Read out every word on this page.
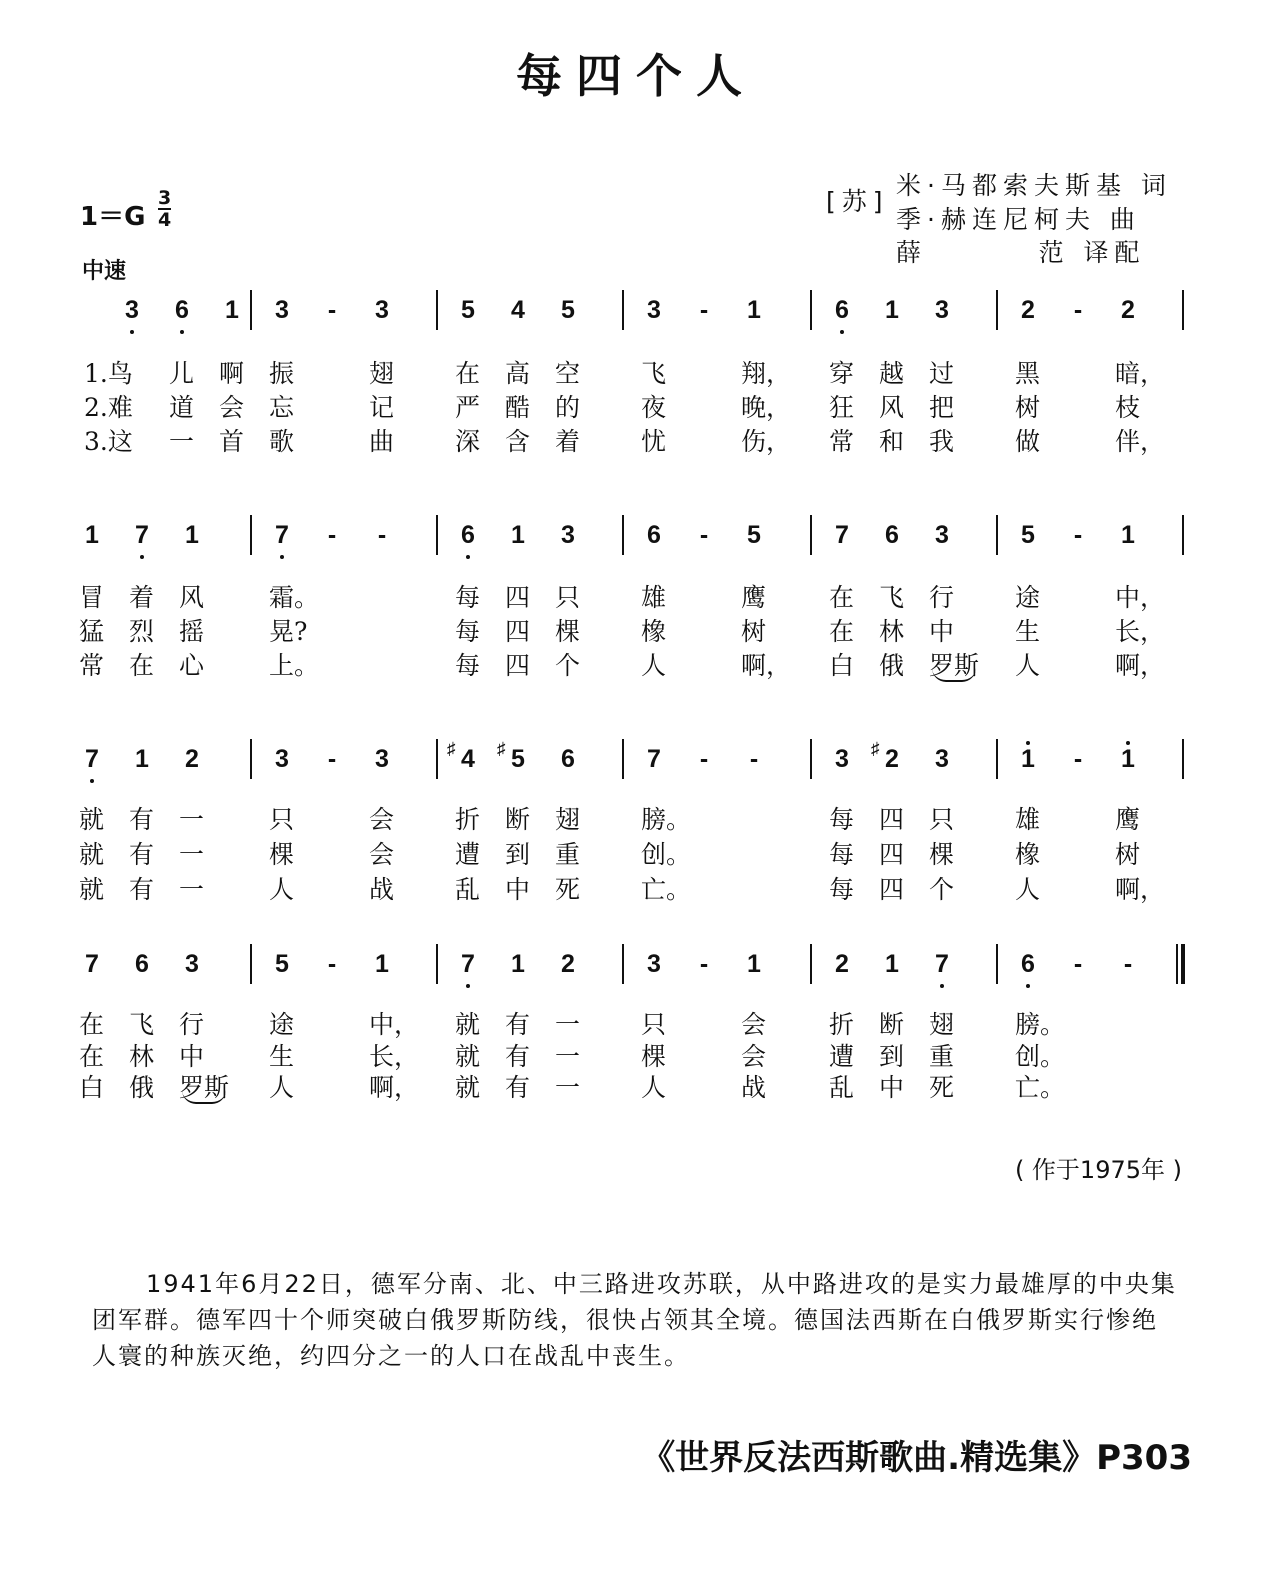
每四个人
[苏]
米·马都索夫斯基 词
季·赫连尼柯夫 曲
薛        范 译配
1＝G
3
4
中速
3	6	1	3	-	3	5	4	5	3	-	1	6	1	3	2	-	2
1.鸟 儿 啊 振	翅 在 高 空 飞	翔， 穿 越 过 黑	暗，
2.难 道 会 忘	记 严 酷 的 夜	晚， 狂 风 把 树	枝
3.这 一 首 歌	曲 深 含 着 忧	伤， 常 和 我 做	伴，
1	7	1	7	-	-	6	1	3	6	-	5	7	6	3	5	-	1
冒 着 风	霜。	每 四 只 雄	鹰	在 飞 行 途	中，
猛 烈 摇	晃?	每 四 棵 橡	树	在 林 中 生	长，
常 在 心	上。	每 四 个 人	啊， 白 俄 罗斯 人	啊，
7	1	2	3	-	3	♯ 4	♯ 5	6	7	-	-	3	♯ 2	3	1	-	1
就 有 一	只	会 折 断 翅 膀。	每 四 只 雄	鹰
就 有 一	棵	会 遭 到 重 创。	每 四 棵 橡	树
就 有 一	人	战 乱 中 死 亡。	每 四 个 人	啊，
7	6	3	5	-	1	7	1	2	3	-	1	2	1	7	6	-	-
在 飞 行	途	中， 就 有 一 只	会	折 断 翅 膀。
在 林 中	生	长， 就 有 一 棵	会	遭 到 重 创。
白 俄 罗斯 人	啊， 就 有 一 人	战	乱 中 死 亡。
( 作于1975年 )
1941年6月22日，德军分南、北、中三路进攻苏联，从中路进攻的是实力最雄厚的中央集团军群。德军四十个师突破白俄罗斯防线，很快占领其全境。德国法西斯在白俄罗斯实行惨绝人寰的种族灭绝，约四分之一的人口在战乱中丧生。
《世界反法西斯歌曲.精选集》P303
